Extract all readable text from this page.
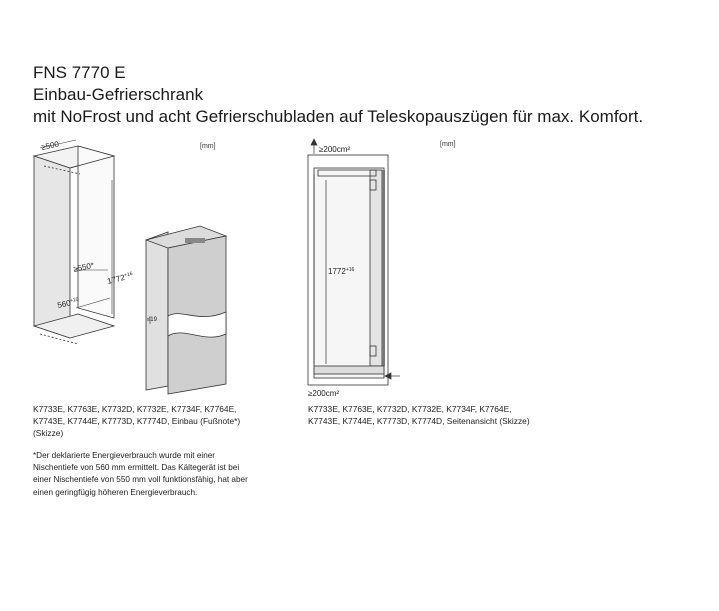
FNS 7770 E
Einbau-Gefrierschrank
mit NoFrost und acht Gefrierschubladen auf Teleskopauszügen für max. Komfort.
[mm]
≥500
≥550*
$560^{+10}$
$1772^{+16}$
≤19
K7733E, K7763E, K7732D, K7732E, K7734F, K7764E,
K7743E, K7744E, K7773D, K7774D, Einbau (Fußnote*)
(Skizze)
*Der deklarierte Energieverbrauch wurde mit einer
Nischentiefe von 560 mm ermittelt. Das Kältegerät ist bei
einer Nischentiefe von 550 mm voll funktionsfähig, hat aber
einen geringfügig höheren Energieverbrauch.
[mm]
≥200cm²
$1772^{+16}$
≥200cm²
K7733E, K7763E, K7732D, K7732E, K7734F, K7764E,
K7743E, K7744E, K7773D, K7774D, Seitenansicht (Skizze)
